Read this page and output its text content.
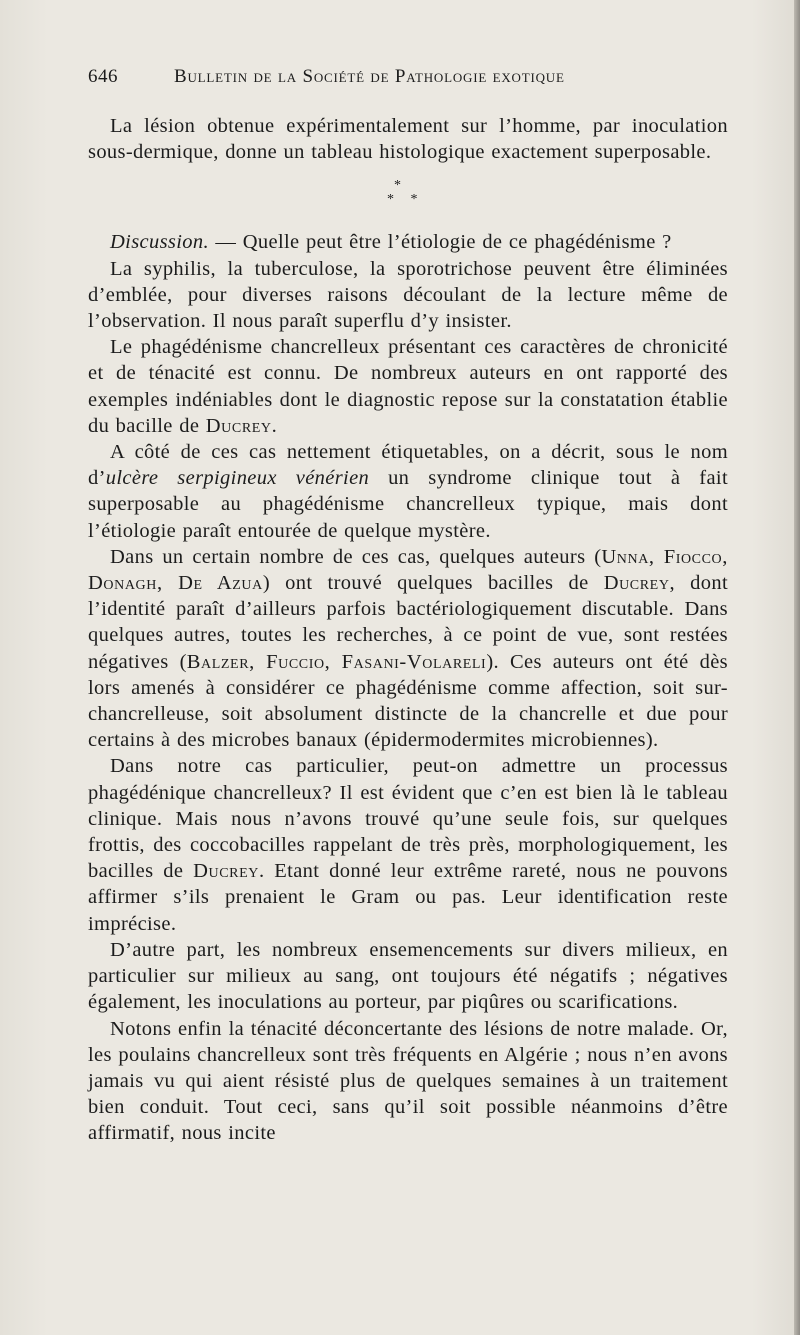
646	Bulletin de la Société de Pathologie exotique

La lésion obtenue expérimentalement sur l’homme, par inoculation sous-dermique, donne un tableau histologique exactement superposable.

*
* *

Discussion. — Quelle peut être l’étiologie de ce phagédénisme ?

La syphilis, la tuberculose, la sporotrichose peuvent être éliminées d’emblée, pour diverses raisons découlant de la lecture même de l’observation. Il nous paraît superflu d’y insister.

Le phagédénisme chancrelleux présentant ces caractères de chronicité et de ténacité est connu. De nombreux auteurs en ont rapporté des exemples indéniables dont le diagnostic repose sur la constatation établie du bacille de Ducrey.

A côté de ces cas nettement étiquetables, on a décrit, sous le nom d’ulcère serpigineux vénérien un syndrome clinique tout à fait superposable au phagédénisme chancrelleux typique, mais dont l’étiologie paraît entourée de quelque mystère.

Dans un certain nombre de ces cas, quelques auteurs (Unna, Fiocco, Donagh, De Azua) ont trouvé quelques bacilles de Ducrey, dont l’identité paraît d’ailleurs parfois bactériologiquement discutable. Dans quelques autres, toutes les recherches, à ce point de vue, sont restées négatives (Balzer, Fuccio, Fasani-Volareli). Ces auteurs ont été dès lors amenés à considérer ce phagédénisme comme affection, soit sur-chancrelleuse, soit absolument distincte de la chancrelle et due pour certains à des microbes banaux (épidermodermites microbiennes).

Dans notre cas particulier, peut-on admettre un processus phagédénique chancrelleux? Il est évident que c’en est bien là le tableau clinique. Mais nous n’avons trouvé qu’une seule fois, sur quelques frottis, des coccobacilles rappelant de très près, morphologiquement, les bacilles de Ducrey. Etant donné leur extrême rareté, nous ne pouvons affirmer s’ils prenaient le Gram ou pas. Leur identification reste imprécise.

D’autre part, les nombreux ensemencements sur divers milieux, en particulier sur milieux au sang, ont toujours été négatifs ; négatives également, les inoculations au porteur, par piqûres ou scarifications.

Notons enfin la ténacité déconcertante des lésions de notre malade. Or, les poulains chancrelleux sont très fréquents en Algérie ; nous n’en avons jamais vu qui aient résisté plus de quelques semaines à un traitement bien conduit. Tout ceci, sans qu’il soit possible néanmoins d’être affirmatif, nous incite
